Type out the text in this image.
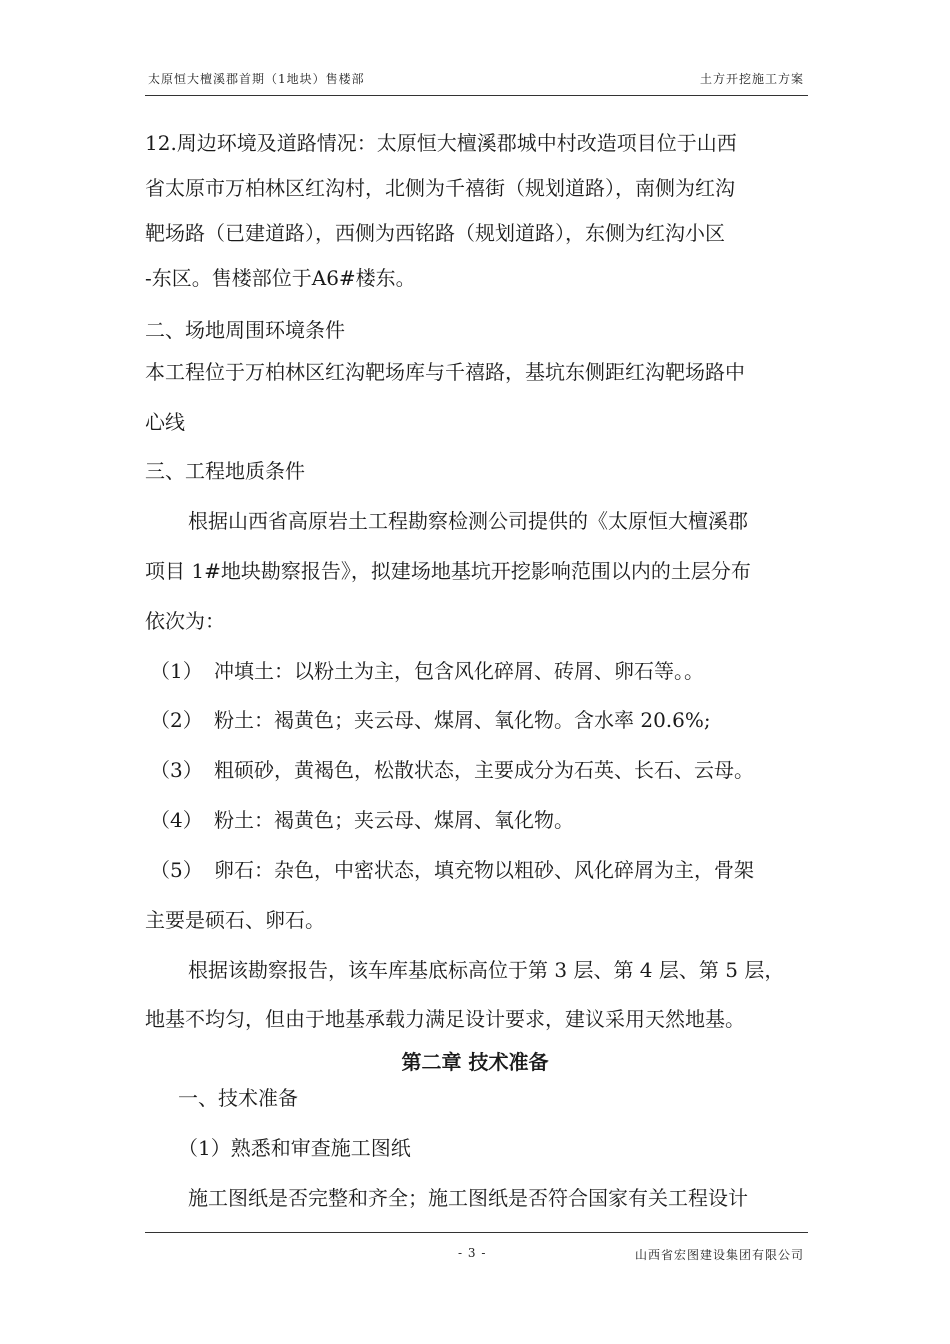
太原恒大檀溪郡首期（1地块）售楼部	土方开挖施工方案
12.周边环境及道路情况：太原恒大檀溪郡城中村改造项目位于山西
省太原市万柏林区红沟村，北侧为千禧街（规划道路），南侧为红沟
靶场路（已建道路），西侧为西铭路（规划道路），东侧为红沟小区
-东区。售楼部位于A6#楼东。
二、场地周围环境条件
本工程位于万柏林区红沟靶场库与千禧路，基坑东侧距红沟靶场路中
心线
三、工程地质条件
根据山西省高原岩土工程勘察检测公司提供的《太原恒大檀溪郡
项目 1#地块勘察报告》，拟建场地基坑开挖影响范围以内的土层分布
依次为：
（1） 冲填土：以粉土为主，包含风化碎屑、砖屑、卵石等。。
（2） 粉土：褐黄色；夹云母、煤屑、氧化物。含水率 20.6%;
（3） 粗硕砂，黄褐色，松散状态，主要成分为石英、长石、云母。
（4） 粉土：褐黄色；夹云母、煤屑、氧化物。
（5） 卵石：杂色，中密状态，填充物以粗砂、风化碎屑为主，骨架
主要是硕石、卵石。
根据该勘察报告，该车库基底标高位于第 3 层、第 4 层、第 5 层，
地基不均匀，但由于地基承载力满足设计要求，建议采用天然地基。
第二章 技术准备
一、技术准备
（1）熟悉和审查施工图纸
施工图纸是否完整和齐全；施工图纸是否符合国家有关工程设计
- 3 -	山西省宏图建设集团有限公司
